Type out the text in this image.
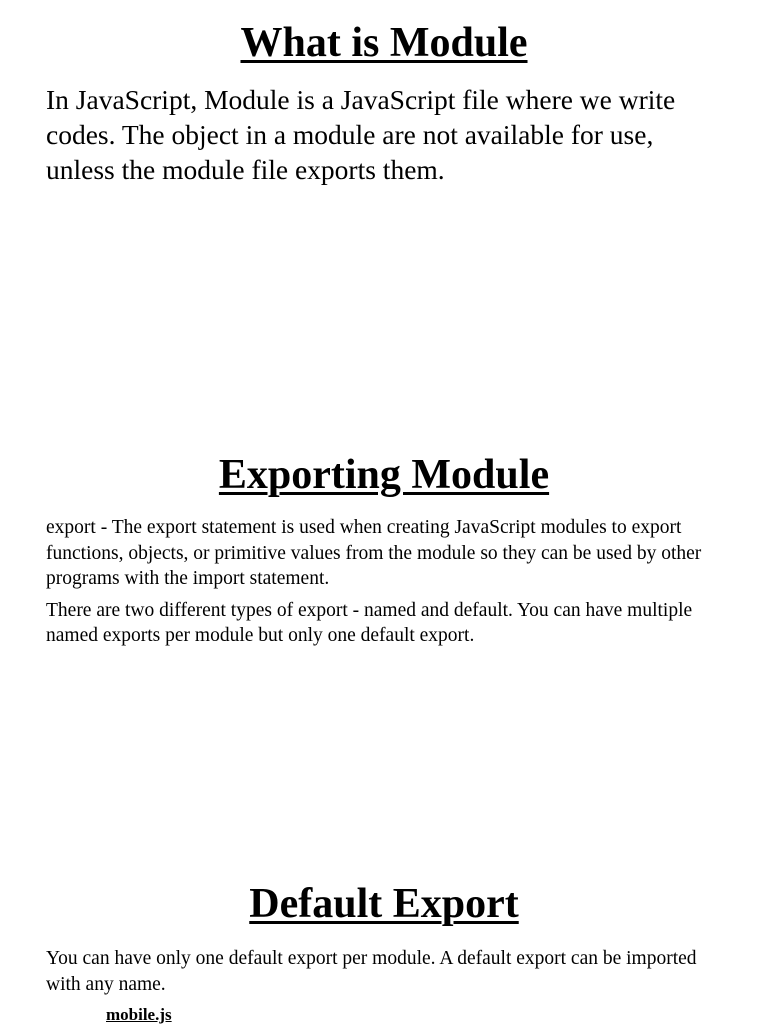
What is Module

In JavaScript, Module is a JavaScript file where we write codes. The object in a module are not available for use, unless the module file exports them.

Exporting Module

export - The export statement is used when creating JavaScript modules to export functions, objects, or primitive values from the module so they can be used by other programs with the import statement.

There are two different types of export - named and default. You can have multiple named exports per module but only one default export.

Default Export

You can have only one default export per module. A default export can be imported with any name.

mobile.js
